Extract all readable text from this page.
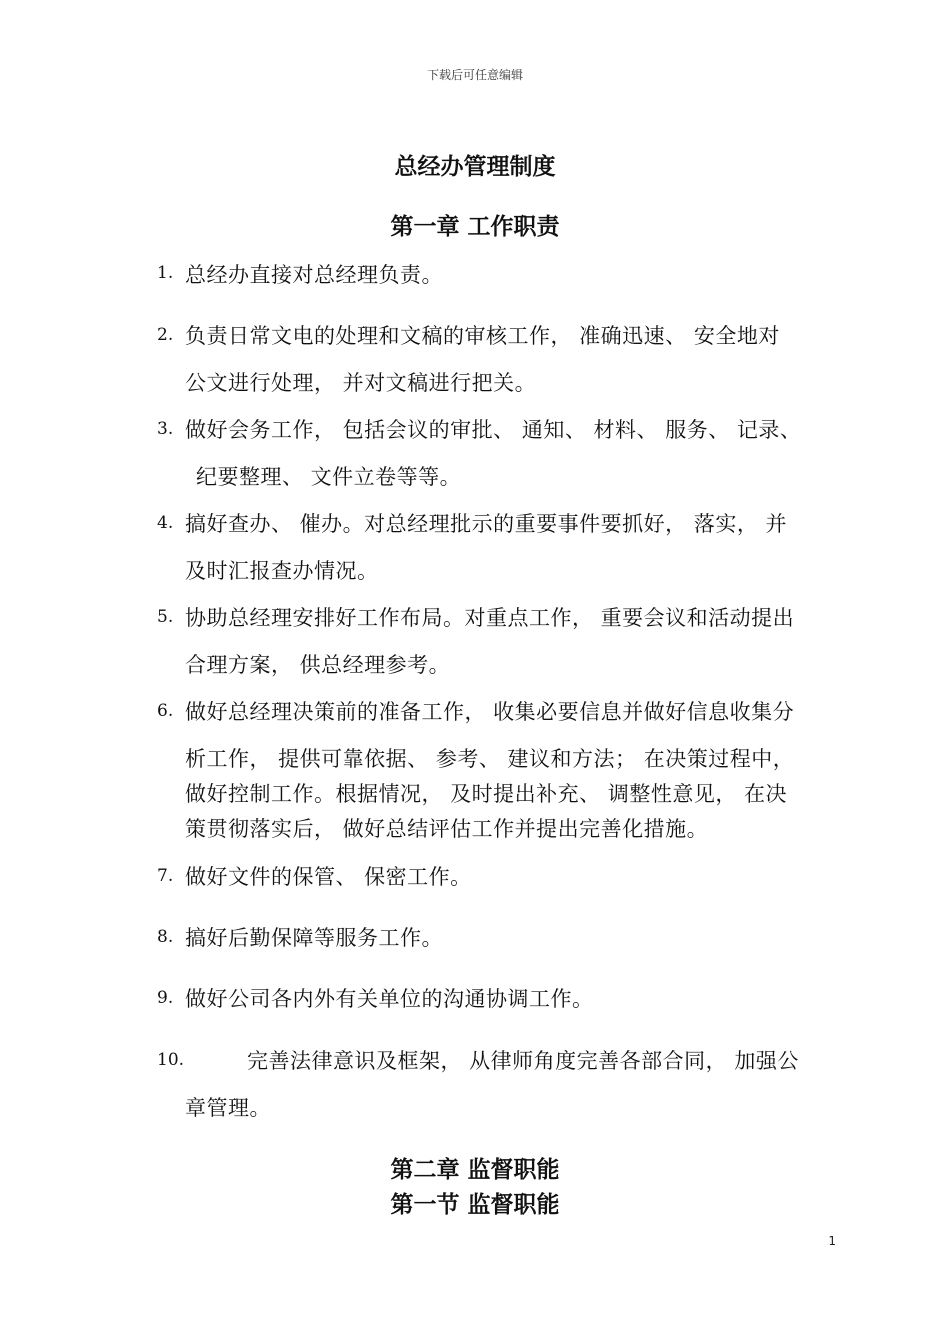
下载后可任意编辑
总经办管理制度
第一章 工作职责
1. 总经办直接对总经理负责。
2. 负责日常文电的处理和文稿的审核工作， 准确迅速、 安全地对
公文进行处理， 并对文稿进行把关。
3. 做好会务工作， 包括会议的审批、 通知、 材料、 服务、 记录、
纪要整理、 文件立卷等等。
4. 搞好查办、 催办。对总经理批示的重要事件要抓好， 落实， 并
及时汇报查办情况。
5. 协助总经理安排好工作布局。对重点工作， 重要会议和活动提出
合理方案， 供总经理参考。
6. 做好总经理决策前的准备工作， 收集必要信息并做好信息收集分
析工作， 提供可靠依据、 参考、 建议和方法； 在决策过程中，
做好控制工作。根据情况， 及时提出补充、 调整性意见， 在决
策贯彻落实后， 做好总结评估工作并提出完善化措施。
7. 做好文件的保管、 保密工作。
8. 搞好后勤保障等服务工作。
9. 做好公司各内外有关单位的沟通协调工作。
10.	完善法律意识及框架， 从律师角度完善各部合同， 加强公
章管理。
第二章 监督职能
第一节 监督职能
1
